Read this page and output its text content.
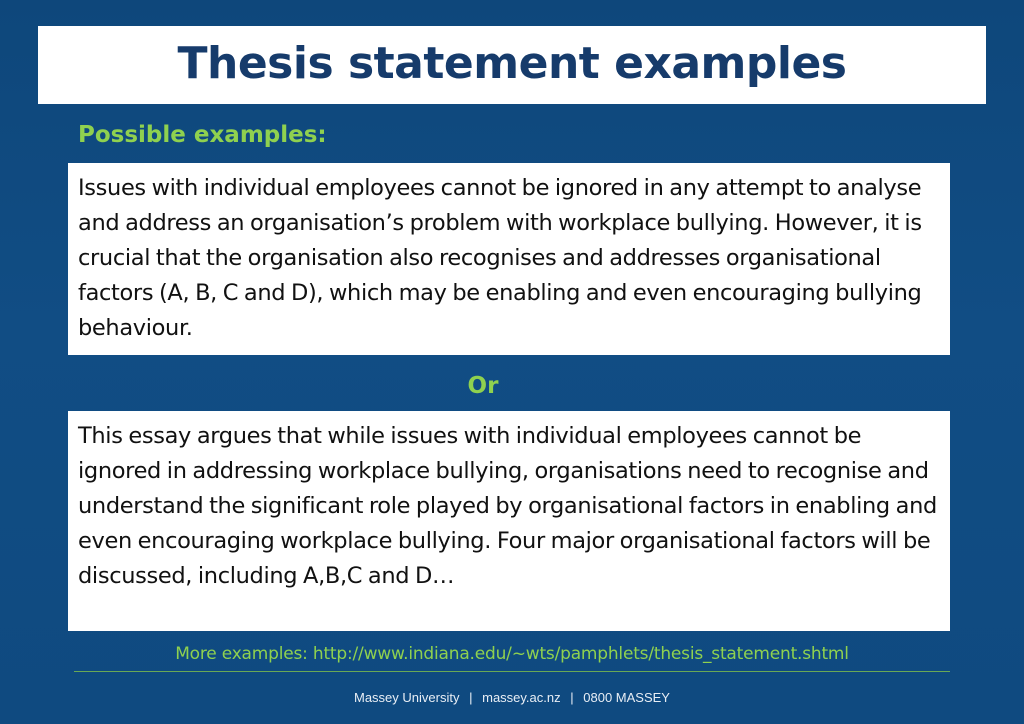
Thesis statement examples
Possible examples:
Issues with individual employees cannot be ignored in any attempt to analyse and address an organisation’s problem with workplace bullying. However, it is crucial that the organisation also recognises and addresses organisational factors (A, B, C and D), which may be enabling and even encouraging bullying behaviour.
Or
This essay argues that while issues with individual employees cannot be ignored in addressing workplace bullying, organisations need to recognise and understand the significant role played by organisational factors in enabling and even encouraging workplace bullying. Four major organisational factors will be discussed, including A,B,C and D…
More examples: http://www.indiana.edu/~wts/pamphlets/thesis_statement.shtml
Massey University | massey.ac.nz | 0800 MASSEY
